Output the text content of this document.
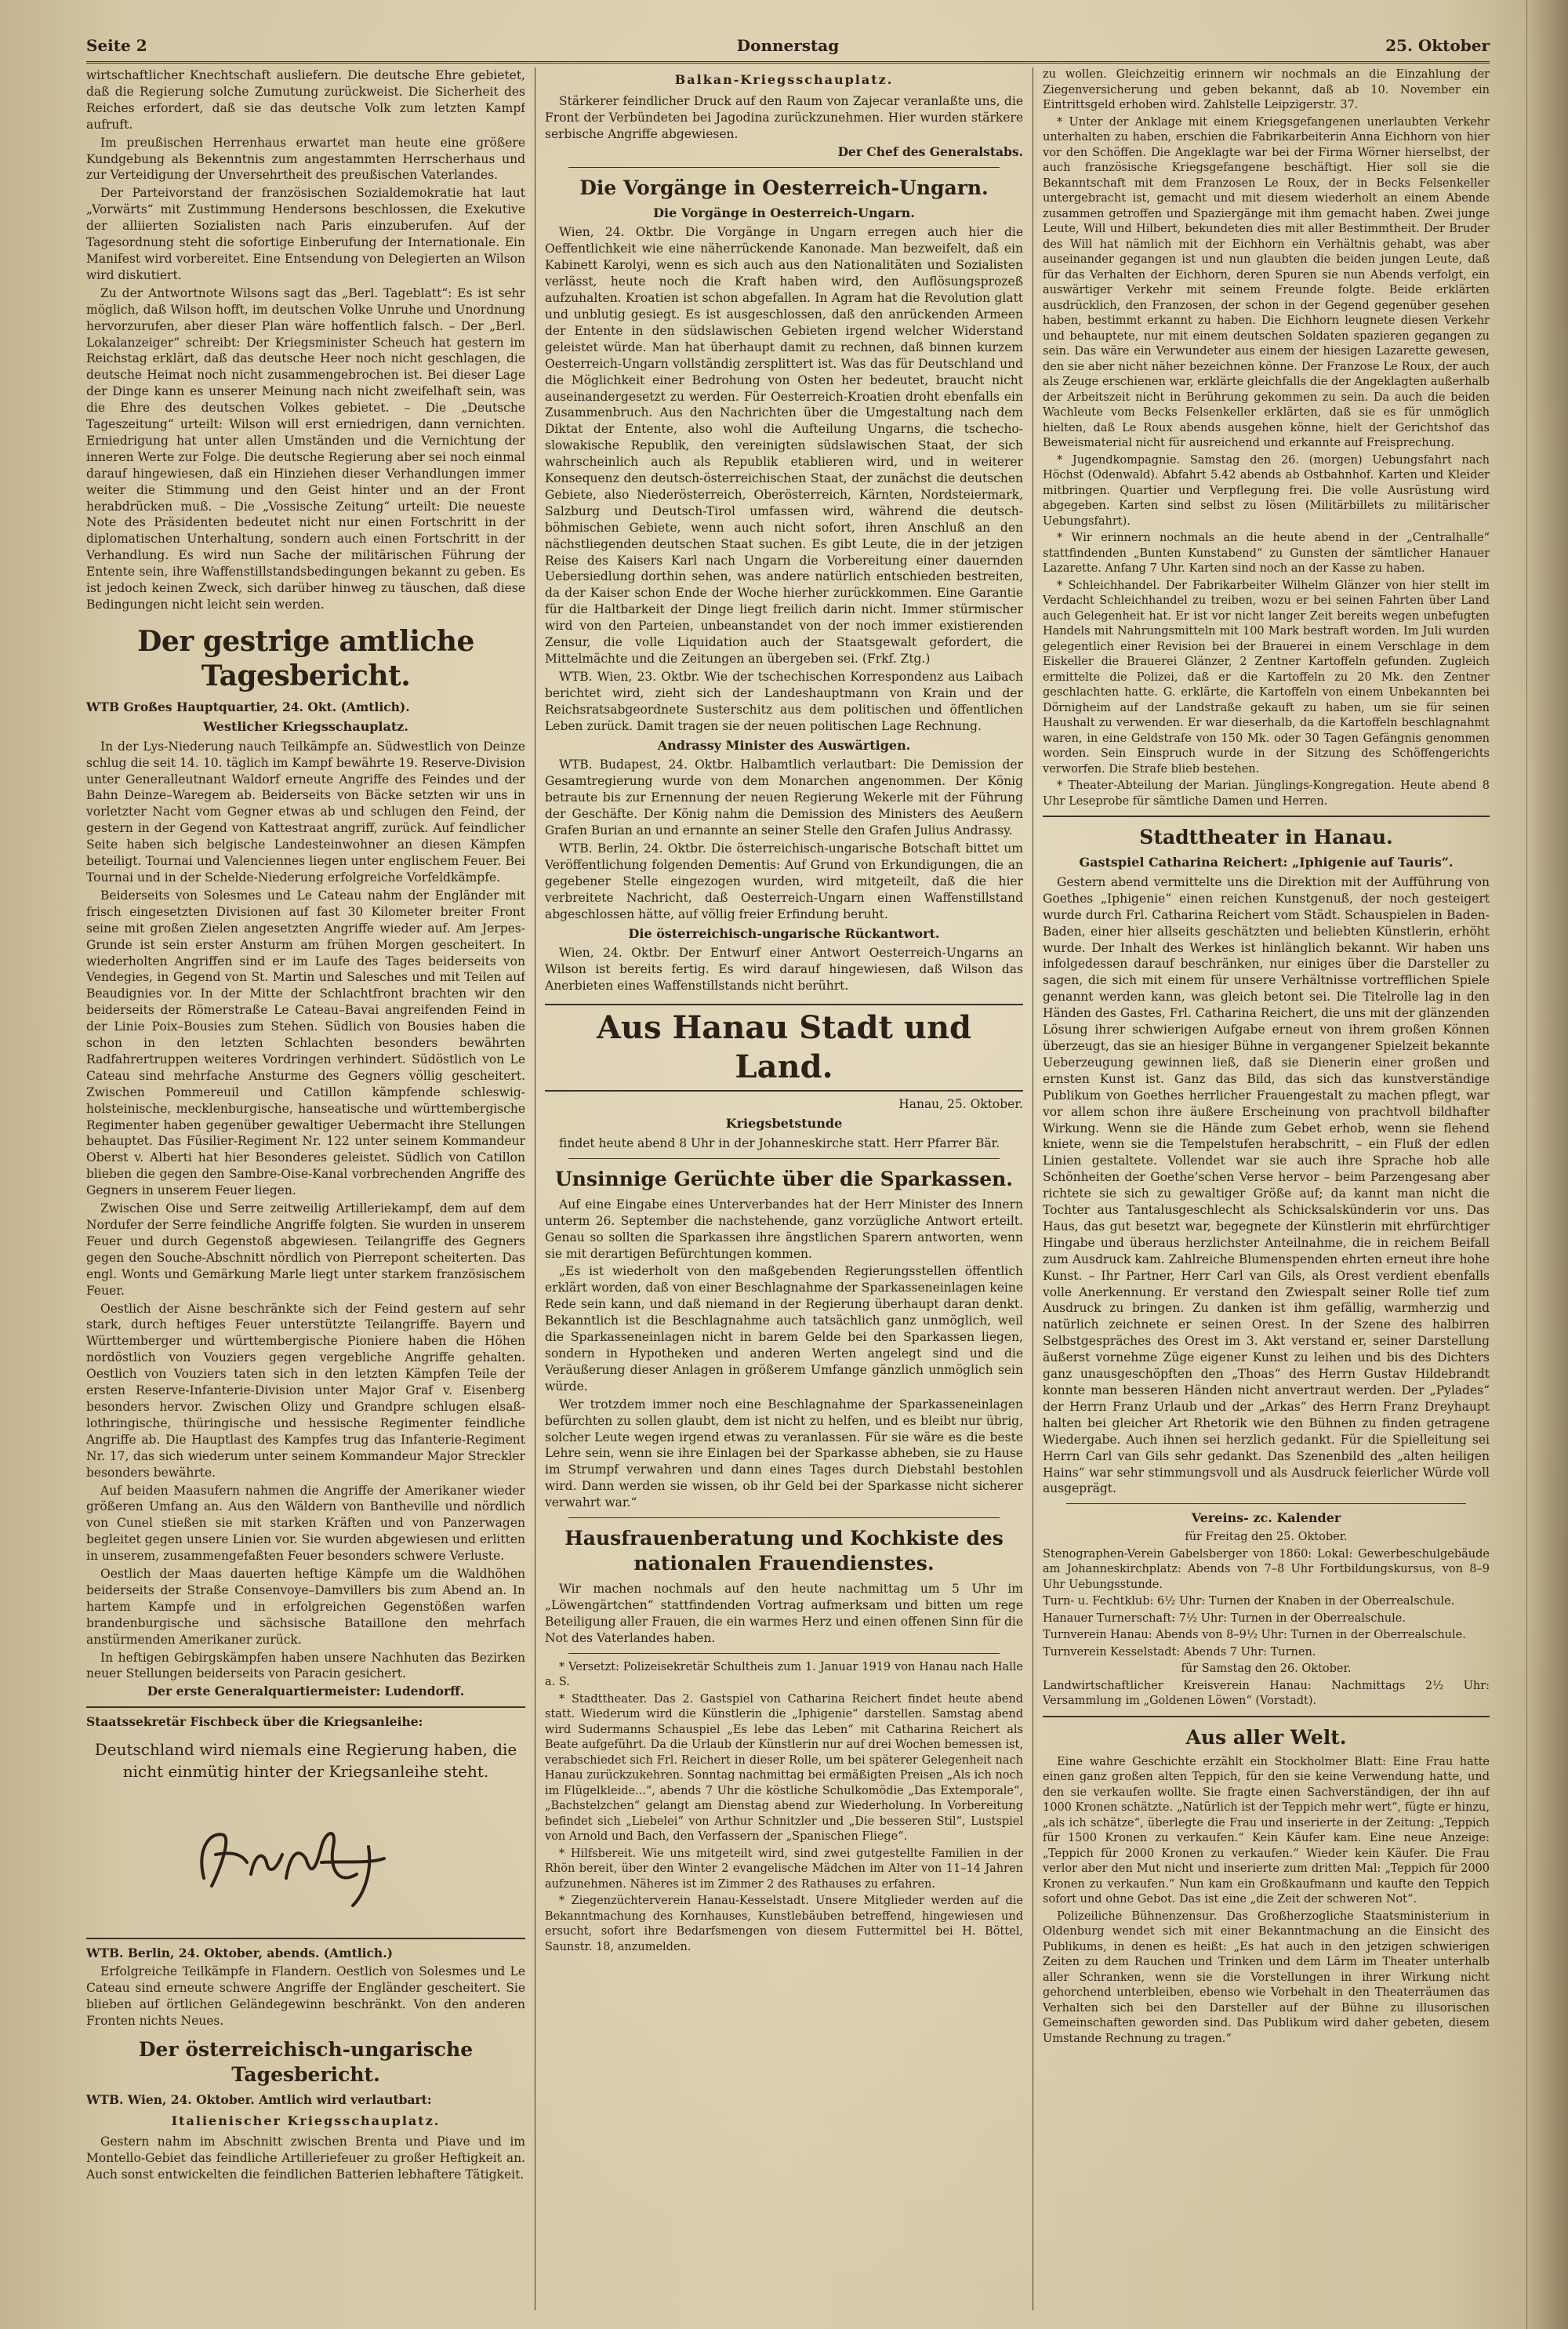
Seite 2	Donnerstag	25. Oktober

wirtschaftlicher Knechtschaft ausliefern. Die deutsche Ehre gebietet, daß die Regierung solche Zumutung zurückweist. Die Sicherheit des Reiches erfordert, daß sie das deutsche Volk zum letzten Kampf aufruft.

Im preußischen Herrenhaus erwartet man heute eine größere Kundgebung als Bekenntnis zum angestammten Herrscherhaus und zur Verteidigung der Unversehrtheit des preußischen Vaterlandes.

Der Parteivorstand der französischen Sozialdemokratie hat laut „Vorwärts“ mit Zustimmung Hendersons beschlossen, die Exekutive der alliierten Sozialisten nach Paris einzuberufen. Auf der Tagesordnung steht die sofortige Einberufung der Internationale. Ein Manifest wird vorbereitet. Eine Entsendung von Delegierten an Wilson wird diskutiert.

Zu der Antwortnote Wilsons sagt das „Berl. Tageblatt“: Es ist sehr möglich, daß Wilson hofft, im deutschen Volke Unruhe und Unordnung hervorzurufen, aber dieser Plan wäre hoffentlich falsch. – Der „Berl. Lokalanzeiger“ schreibt: Der Kriegsminister Scheuch hat gestern im Reichstag erklärt, daß das deutsche Heer noch nicht geschlagen, die deutsche Heimat noch nicht zusammengebrochen ist. Bei dieser Lage der Dinge kann es unserer Meinung nach nicht zweifelhaft sein, was die Ehre des deutschen Volkes gebietet. – Die „Deutsche Tageszeitung“ urteilt: Wilson will erst erniedrigen, dann vernichten. Erniedrigung hat unter allen Umständen und die Vernichtung der inneren Werte zur Folge. Die deutsche Regierung aber sei noch einmal darauf hingewiesen, daß ein Hinziehen dieser Verhandlungen immer weiter die Stimmung und den Geist hinter und an der Front herabdrücken muß. – Die „Vossische Zeitung“ urteilt: Die neueste Note des Präsidenten bedeutet nicht nur einen Fortschritt in der diplomatischen Unterhaltung, sondern auch einen Fortschritt in der Verhandlung. Es wird nun Sache der militärischen Führung der Entente sein, ihre Waffenstillstandsbedingungen bekannt zu geben. Es ist jedoch keinen Zweck, sich darüber hinweg zu täuschen, daß diese Bedingungen nicht leicht sein werden.

Der gestrige amtliche Tagesbericht.

WTB Großes Hauptquartier, 24. Okt. (Amtlich).

Westlicher Kriegsschauplatz.

In der Lys-Niederung nauch Teilkämpfe an. Südwestlich von Deinze schlug die seit 14. 10. täglich im Kampf bewährte 19. Reserve-Division unter Generalleutnant Waldorf erneute Angriffe des Feindes und der Bahn Deinze–Waregem ab. Beiderseits von Bäcke setzten wir uns in vorletzter Nacht vom Gegner etwas ab und schlugen den Feind, der gestern in der Gegend von Kattestraat angriff, zurück. Auf feindlicher Seite haben sich belgische Landesteinwohner an diesen Kämpfen beteiligt. Tournai und Valenciennes liegen unter englischem Feuer. Bei Tournai und in der Schelde-Niederung erfolgreiche Vorfeldkämpfe.

Beiderseits von Solesmes und Le Cateau nahm der Engländer mit frisch eingesetzten Divisionen auf fast 30 Kilometer breiter Front seine mit großen Zielen angesetzten Angriffe wieder auf. Am Jerpes-Grunde ist sein erster Ansturm am frühen Morgen gescheitert. In wiederholten Angriffen sind er im Laufe des Tages beiderseits von Vendegies, in Gegend von St. Martin und Salesches und mit Teilen auf Beaudignies vor. In der Mitte der Schlachtfront brachten wir den beiderseits der Römerstraße Le Cateau–Bavai angreifenden Feind in der Linie Poix–Bousies zum Stehen. Südlich von Bousies haben die schon in den letzten Schlachten besonders bewährten Radfahrertruppen weiteres Vordringen verhindert. Südöstlich von Le Cateau sind mehrfache Ansturme des Gegners völlig gescheitert. Zwischen Pommereuil und Catillon kämpfende schleswig-holsteinische, mecklenburgische, hanseatische und württembergische Regimenter haben gegenüber gewaltiger Uebermacht ihre Stellungen behauptet. Das Füsilier-Regiment Nr. 122 unter seinem Kommandeur Oberst v. Alberti hat hier Besonderes geleistet. Südlich von Catillon blieben die gegen den Sambre-Oise-Kanal vorbrechenden Angriffe des Gegners in unserem Feuer liegen.

Zwischen Oise und Serre zeitweilig Artilleriekampf, dem auf dem Nordufer der Serre feindliche Angriffe folgten. Sie wurden in unserem Feuer und durch Gegenstoß abgewiesen. Teilangriffe des Gegners gegen den Souche-Abschnitt nördlich von Pierrepont scheiterten. Das engl. Wonts und Gemärkung Marle liegt unter starkem französischem Feuer.

Oestlich der Aisne beschränkte sich der Feind gestern auf sehr stark, durch heftiges Feuer unterstützte Teilangriffe. Bayern und Württemberger und württembergische Pioniere haben die Höhen nordöstlich von Vouziers gegen vergebliche Angriffe gehalten. Oestlich von Vouziers taten sich in den letzten Kämpfen Teile der ersten Reserve-Infanterie-Division unter Major Graf v. Eisenberg besonders hervor. Zwischen Olizy und Grandpre schlugen elsaß-lothringische, thüringische und hessische Regimenter feindliche Angriffe ab. Die Hauptlast des Kampfes trug das Infanterie-Regiment Nr. 17, das sich wiederum unter seinem Kommandeur Major Streckler besonders bewährte.

Auf beiden Maasufern nahmen die Angriffe der Amerikaner wieder größeren Umfang an. Aus den Wäldern von Bantheville und nördlich von Cunel stießen sie mit starken Kräften und von Panzerwagen begleitet gegen unsere Linien vor. Sie wurden abgewiesen und erlitten in unserem, zusammengefaßten Feuer besonders schwere Verluste.

Oestlich der Maas dauerten heftige Kämpfe um die Waldhöhen beiderseits der Straße Consenvoye–Damvillers bis zum Abend an. In hartem Kampfe und in erfolgreichen Gegenstößen warfen brandenburgische und sächsische Bataillone den mehrfach anstürmenden Amerikaner zurück.

In heftigen Gebirgskämpfen haben unsere Nachhuten das Bezirken neuer Stellungen beiderseits von Paracin gesichert.

Der erste Generalquartiermeister: Ludendorff.

Staatssekretär Fischbeck über die Kriegsanleihe:

Deutschland wird niemals eine Regierung haben, die nicht einmütig hinter der Kriegsanleihe steht.

WTB. Berlin, 24. Oktober, abends. (Amtlich.)

Erfolgreiche Teilkämpfe in Flandern. Oestlich von Solesmes und Le Cateau sind erneute schwere Angriffe der Engländer gescheitert. Sie blieben auf örtlichen Geländegewinn beschränkt. Von den anderen Fronten nichts Neues.

Der österreichisch-ungarische Tagesbericht.

WTB. Wien, 24. Oktober. Amtlich wird verlautbart:

Italienischer Kriegsschauplatz.

Gestern nahm im Abschnitt zwischen Brenta und Piave und im Montello-Gebiet das feindliche Artilleriefeuer zu großer Heftigkeit an. Auch sonst entwickelten die feindlichen Batterien lebhaftere Tätigkeit.

Balkan-Kriegsschauplatz.

Stärkerer feindlicher Druck auf den Raum von Zajecar veranlaßte uns, die Front der Verbündeten bei Jagodina zurückzunehmen. Hier wurden stärkere serbische Angriffe abgewiesen.

Der Chef des Generalstabs.

Die Vorgänge in Oesterreich-Ungarn.
Die Vorgänge in Oesterreich-Ungarn.

Wien, 24. Oktbr. Die Vorgänge in Ungarn erregen auch hier die Oeffentlichkeit wie eine näherrückende Kanonade. Man bezweifelt, daß ein Kabinett Karolyi, wenn es sich auch aus den Nationalitäten und Sozialisten verlässt, heute noch die Kraft haben wird, den Auflösungsprozeß aufzuhalten. Kroatien ist schon abgefallen. In Agram hat die Revolution glatt und unblutig gesiegt. Es ist ausgeschlossen, daß den anrückenden Armeen der Entente in den südslawischen Gebieten irgend welcher Widerstand geleistet würde. Man hat überhaupt damit zu rechnen, daß binnen kurzem Oesterreich-Ungarn vollständig zersplittert ist. Was das für Deutschland und die Möglichkeit einer Bedrohung von Osten her bedeutet, braucht nicht auseinandergesetzt zu werden. Für Oesterreich-Kroatien droht ebenfalls ein Zusammenbruch. Aus den Nachrichten über die Umgestaltung nach dem Diktat der Entente, also wohl die Aufteilung Ungarns, die tschecho-slowakische Republik, den vereinigten südslawischen Staat, der sich wahrscheinlich auch als Republik etablieren wird, und in weiterer Konsequenz den deutsch-österreichischen Staat, der zunächst die deutschen Gebiete, also Niederösterreich, Oberösterreich, Kärnten, Nordsteiermark, Salzburg und Deutsch-Tirol umfassen wird, während die deutsch-böhmischen Gebiete, wenn auch nicht sofort, ihren Anschluß an den nächstliegenden deutschen Staat suchen. Es gibt Leute, die in der jetzigen Reise des Kaisers Karl nach Ungarn die Vorbereitung einer dauernden Uebersiedlung dorthin sehen, was andere natürlich entschieden bestreiten, da der Kaiser schon Ende der Woche hierher zurückkommen. Eine Garantie für die Haltbarkeit der Dinge liegt freilich darin nicht. Immer stürmischer wird von den Parteien, unbeanstandet von der noch immer existierenden Zensur, die volle Liquidation auch der Staatsgewalt gefordert, die Mittelmächte und die Zeitungen an übergeben sei. (Frkf. Ztg.)

WTB. Wien, 23. Oktbr. Wie der tschechischen Korrespondenz aus Laibach berichtet wird, zieht sich der Landeshauptmann von Krain und der Reichsratsabgeordnete Susterschitz aus dem politischen und öffentlichen Leben zurück. Damit tragen sie der neuen politischen Lage Rechnung.

Andrassy Minister des Auswärtigen.

WTB. Budapest, 24. Oktbr. Halbamtlich verlautbart: Die Demission der Gesamtregierung wurde von dem Monarchen angenommen. Der König betraute bis zur Ernennung der neuen Regierung Wekerle mit der Führung der Geschäfte. Der König nahm die Demission des Ministers des Aeußern Grafen Burian an und ernannte an seiner Stelle den Grafen Julius Andrassy.

WTB. Berlin, 24. Oktbr. Die österreichisch-ungarische Botschaft bittet um Veröffentlichung folgenden Dementis: Auf Grund von Erkundigungen, die an gegebener Stelle eingezogen wurden, wird mitgeteilt, daß die hier verbreitete Nachricht, daß Oesterreich-Ungarn einen Waffenstillstand abgeschlossen hätte, auf völlig freier Erfindung beruht.

Die österreichisch-ungarische Rückantwort.

Wien, 24. Oktbr. Der Entwurf einer Antwort Oesterreich-Ungarns an Wilson ist bereits fertig. Es wird darauf hingewiesen, daß Wilson das Anerbieten eines Waffenstillstands nicht berührt.

Aus Hanau Stadt und Land.

Hanau, 25. Oktober.

Kriegsbetstunde

findet heute abend 8 Uhr in der Johanneskirche statt. Herr Pfarrer Bär.

Unsinnige Gerüchte über die Sparkassen.

Auf eine Eingabe eines Unterverbandes hat der Herr Minister des Innern unterm 26. September die nachstehende, ganz vorzügliche Antwort erteilt. Genau so sollten die Sparkassen ihre ängstlichen Sparern antworten, wenn sie mit derartigen Befürchtungen kommen.

„Es ist wiederholt von den maßgebenden Regierungsstellen öffentlich erklärt worden, daß von einer Beschlagnahme der Sparkasseneinlagen keine Rede sein kann, und daß niemand in der Regierung überhaupt daran denkt. Bekanntlich ist die Beschlagnahme auch tatsächlich ganz unmöglich, weil die Sparkasseneinlagen nicht in barem Gelde bei den Sparkassen liegen, sondern in Hypotheken und anderen Werten angelegt sind und die Veräußerung dieser Anlagen in größerem Umfange gänzlich unmöglich sein würde.

Wer trotzdem immer noch eine Beschlagnahme der Sparkasseneinlagen befürchten zu sollen glaubt, dem ist nicht zu helfen, und es bleibt nur übrig, solcher Leute wegen irgend etwas zu veranlassen. Für sie wäre es die beste Lehre sein, wenn sie ihre Einlagen bei der Sparkasse abheben, sie zu Hause im Strumpf verwahren und dann eines Tages durch Diebstahl bestohlen wird. Dann werden sie wissen, ob ihr Geld bei der Sparkasse nicht sicherer verwahrt war.“

Hausfrauenberatung und Kochkiste des nationalen Frauendienstes.

Wir machen nochmals auf den heute nachmittag um 5 Uhr im „Löwengärtchen“ stattfindenden Vortrag aufmerksam und bitten um rege Beteiligung aller Frauen, die ein warmes Herz und einen offenen Sinn für die Not des Vaterlandes haben.

* Versetzt: Polizeisekretär Schultheis zum 1. Januar 1919 von Hanau nach Halle a. S.

* Stadttheater. Das 2. Gastspiel von Catharina Reichert findet heute abend statt. Wiederum wird die Künstlerin die „Iphigenie“ darstellen. Samstag abend wird Sudermanns Schauspiel „Es lebe das Leben“ mit Catharina Reichert als Beate aufgeführt. Da die Urlaub der Künstlerin nur auf drei Wochen bemessen ist, verabschiedet sich Frl. Reichert in dieser Rolle, um bei späterer Gelegenheit nach Hanau zurückzukehren. Sonntag nachmittag bei ermäßigten Preisen „Als ich noch im Flügelkleide...“, abends 7 Uhr die köstliche Schulkomödie „Das Extemporale“, „Bachstelzchen“ gelangt am Dienstag abend zur Wiederholung. In Vorbereitung befindet sich „Liebelei“ von Arthur Schnitzler und „Die besseren Stil“, Lustspiel von Arnold und Bach, den Verfassern der „Spanischen Fliege“.

* Hilfsbereit. Wie uns mitgeteilt wird, sind zwei gutgestellte Familien in der Rhön bereit, über den Winter 2 evangelische Mädchen im Alter von 11–14 Jahren aufzunehmen. Näheres ist im Zimmer 2 des Rathauses zu erfahren.

* Ziegenzüchterverein Hanau-Kesselstadt. Unsere Mitglieder werden auf die Bekanntmachung des Kornhauses, Kunstlebäuben betreffend, hingewiesen und ersucht, sofort ihre Bedarfsmengen von diesem Futtermittel bei H. Böttel, Saunstr. 18, anzumelden.

zu wollen. Gleichzeitig erinnern wir nochmals an die Einzahlung der Ziegenversicherung und geben bekannt, daß ab 10. November ein Eintrittsgeld erhoben wird. Zahlstelle Leipzigerstr. 37.

* Unter der Anklage mit einem Kriegsgefangenen unerlaubten Verkehr unterhalten zu haben, erschien die Fabrikarbeiterin Anna Eichhorn von hier vor den Schöffen. Die Angeklagte war bei der Firma Wörner hierselbst, der auch französische Kriegsgefangene beschäftigt. Hier soll sie die Bekanntschaft mit dem Franzosen Le Roux, der in Becks Felsenkeller untergebracht ist, gemacht und mit diesem wiederholt an einem Abende zusammen getroffen und Spaziergänge mit ihm gemacht haben. Zwei junge Leute, Will und Hilbert, bekundeten dies mit aller Bestimmtheit. Der Bruder des Will hat nämlich mit der Eichhorn ein Verhältnis gehabt, was aber auseinander gegangen ist und nun glaubten die beiden jungen Leute, daß für das Verhalten der Eichhorn, deren Spuren sie nun Abends verfolgt, ein auswärtiger Verkehr mit seinem Freunde folgte. Beide erklärten ausdrücklich, den Franzosen, der schon in der Gegend gegenüber gesehen haben, bestimmt erkannt zu haben. Die Eichhorn leugnete diesen Verkehr und behauptete, nur mit einem deutschen Soldaten spazieren gegangen zu sein. Das wäre ein Verwundeter aus einem der hiesigen Lazarette gewesen, den sie aber nicht näher bezeichnen könne. Der Franzose Le Roux, der auch als Zeuge erschienen war, erklärte gleichfalls die der Angeklagten außerhalb der Arbeitszeit nicht in Berührung gekommen zu sein. Da auch die beiden Wachleute vom Becks Felsenkeller erklärten, daß sie es für unmöglich hielten, daß Le Roux abends ausgehen könne, hielt der Gerichtshof das Beweismaterial nicht für ausreichend und erkannte auf Freisprechung.

* Jugendkompagnie. Samstag den 26. (morgen) Uebungsfahrt nach Höchst (Odenwald). Abfahrt 5.42 abends ab Ostbahnhof. Karten und Kleider mitbringen. Quartier und Verpflegung frei. Die volle Ausrüstung wird abgegeben. Karten sind selbst zu lösen (Militärbillets zu militärischer Uebungsfahrt).

* Wir erinnern nochmals an die heute abend in der „Centralhalle“ stattfindenden „Bunten Kunstabend“ zu Gunsten der sämtlicher Hanauer Lazarette. Anfang 7 Uhr. Karten sind noch an der Kasse zu haben.

* Schleichhandel. Der Fabrikarbeiter Wilhelm Glänzer von hier stellt im Verdacht Schleichhandel zu treiben, wozu er bei seinen Fahrten über Land auch Gelegenheit hat. Er ist vor nicht langer Zeit bereits wegen unbefugten Handels mit Nahrungsmitteln mit 100 Mark bestraft worden. Im Juli wurden gelegentlich einer Revision bei der Brauerei in einem Verschlage in dem Eiskeller die Brauerei Glänzer, 2 Zentner Kartoffeln gefunden. Zugleich ermittelte die Polizei, daß er die Kartoffeln zu 20 Mk. den Zentner geschlachten hatte. G. erklärte, die Kartoffeln von einem Unbekannten bei Dörnigheim auf der Landstraße gekauft zu haben, um sie für seinen Haushalt zu verwenden. Er war dieserhalb, da die Kartoffeln beschlagnahmt waren, in eine Geldstrafe von 150 Mk. oder 30 Tagen Gefängnis genommen worden. Sein Einspruch wurde in der Sitzung des Schöffengerichts verworfen. Die Strafe blieb bestehen.

* Theater-Abteilung der Marian. Jünglings-Kongregation. Heute abend 8 Uhr Leseprobe für sämtliche Damen und Herren.

Stadttheater in Hanau.
Gastspiel Catharina Reichert: „Iphigenie auf Tauris“.

Gestern abend vermittelte uns die Direktion mit der Aufführung von Goethes „Iphigenie“ einen reichen Kunstgenuß, der noch gesteigert wurde durch Frl. Catharina Reichert vom Städt. Schauspielen in Baden-Baden, einer hier allseits geschätzten und beliebten Künstlerin, erhöht wurde. Der Inhalt des Werkes ist hinlänglich bekannt. Wir haben uns infolgedessen darauf beschränken, nur einiges über die Darsteller zu sagen, die sich mit einem für unsere Verhältnisse vortrefflichen Spiele genannt werden kann, was gleich betont sei. Die Titelrolle lag in den Händen des Gastes, Frl. Catharina Reichert, die uns mit der glänzenden Lösung ihrer schwierigen Aufgabe erneut von ihrem großen Können überzeugt, das sie an hiesiger Bühne in vergangener Spielzeit bekannte Ueberzeugung gewinnen ließ, daß sie Dienerin einer großen und ernsten Kunst ist. Ganz das Bild, das sich das kunstverständige Publikum von Goethes herrlicher Frauengestalt zu machen pflegt, war vor allem schon ihre äußere Erscheinung von prachtvoll bildhafter Wirkung. Wenn sie die Hände zum Gebet erhob, wenn sie flehend kniete, wenn sie die Tempelstufen herabschritt, – ein Fluß der edlen Linien gestaltete. Vollendet war sie auch ihre Sprache hob alle Schönheiten der Goethe’schen Verse hervor – beim Parzengesang aber richtete sie sich zu gewaltiger Größe auf; da kannt man nicht die Tochter aus Tantalusgeschlecht als Schicksalskünderin vor uns. Das Haus, das gut besetzt war, begegnete der Künstlerin mit ehrfürchtiger Hingabe und überaus herzlichster Anteilnahme, die in reichem Beifall zum Ausdruck kam. Zahlreiche Blumenspenden ehrten erneut ihre hohe Kunst. – Ihr Partner, Herr Carl van Gils, als Orest verdient ebenfalls volle Anerkennung. Er verstand den Zwiespalt seiner Rolle tief zum Ausdruck zu bringen. Zu danken ist ihm gefällig, warmherzig und natürlich zeichnete er seinen Orest. In der Szene des halbirren Selbstgespräches des Orest im 3. Akt verstand er, seiner Darstellung äußerst vornehme Züge eigener Kunst zu leihen und bis des Dichters ganz unausgeschöpften den „Thoas“ des Herrn Gustav Hildebrandt konnte man besseren Händen nicht anvertraut werden. Der „Pylades“ der Herrn Franz Urlaub und der „Arkas“ des Herrn Franz Dreyhaupt halten bei gleicher Art Rhetorik wie den Bühnen zu finden getragene Wiedergabe. Auch ihnen sei herzlich gedankt. Für die Spielleitung sei Herrn Carl van Gils sehr gedankt. Das Szenenbild des „alten heiligen Hains“ war sehr stimmungsvoll und als Ausdruck feierlicher Würde voll ausgeprägt.

Vereins- zc. Kalender

für Freitag den 25. Oktober.

Stenographen-Verein Gabelsberger von 1860: Lokal: Gewerbeschulgebäude am Johanneskirchplatz: Abends von 7–8 Uhr Fortbildungskursus, von 8–9 Uhr Uebungsstunde.

Turn- u. Fechtklub: 6½ Uhr: Turnen der Knaben in der Oberrealschule.

Hanauer Turnerschaft: 7½ Uhr: Turnen in der Oberrealschule.

Turnverein Hanau: Abends von 8–9½ Uhr: Turnen in der Oberrealschule.

Turnverein Kesselstadt: Abends 7 Uhr: Turnen.

für Samstag den 26. Oktober.

Landwirtschaftlicher Kreisverein Hanau: Nachmittags 2½ Uhr: Versammlung im „Goldenen Löwen“ (Vorstadt).

Aus aller Welt.

Eine wahre Geschichte erzählt ein Stockholmer Blatt: Eine Frau hatte einen ganz großen alten Teppich, für den sie keine Verwendung hatte, und den sie verkaufen wollte. Sie fragte einen Sachverständigen, der ihn auf 1000 Kronen schätzte. „Natürlich ist der Teppich mehr wert“, fügte er hinzu, „als ich schätze“, überlegte die Frau und inserierte in der Zeitung: „Teppich für 1500 Kronen zu verkaufen.“ Kein Käufer kam. Eine neue Anzeige: „Teppich für 2000 Kronen zu verkaufen.“ Wieder kein Käufer. Die Frau verlor aber den Mut nicht und inserierte zum dritten Mal: „Teppich für 2000 Kronen zu verkaufen.“ Nun kam ein Großkaufmann und kaufte den Teppich sofort und ohne Gebot. Das ist eine „die Zeit der schweren Not“.

Polizeiliche Bühnenzensur. Das Großherzogliche Staatsministerium in Oldenburg wendet sich mit einer Bekanntmachung an die Einsicht des Publikums, in denen es heißt: „Es hat auch in den jetzigen schwierigen Zeiten zu dem Rauchen und Trinken und dem Lärm im Theater unterhalb aller Schranken, wenn sie die Vorstellungen in ihrer Wirkung nicht gehorchend unterbleiben, ebenso wie Vorbehalt in den Theaterräumen das Verhalten sich bei den Darsteller auf der Bühne zu illusorischen Gemeinschaften geworden sind. Das Publikum wird daher gebeten, diesem Umstande Rechnung zu tragen.“
